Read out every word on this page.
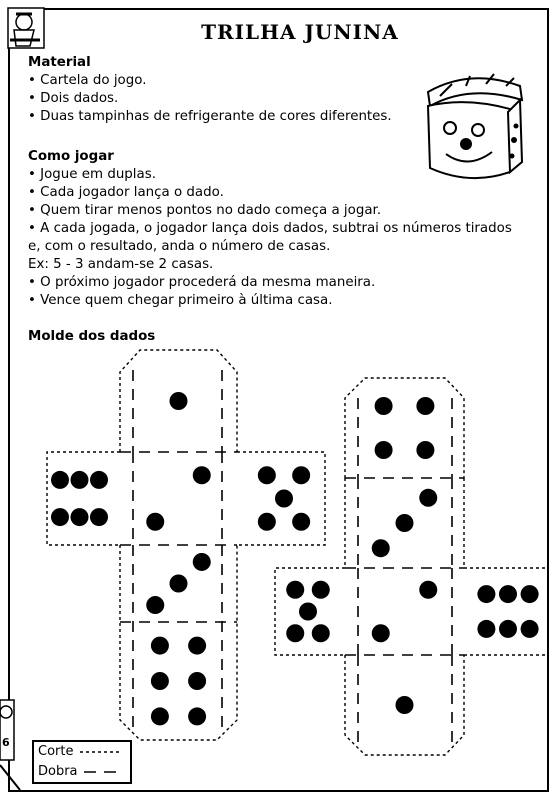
TRILHA JUNINA
Material
• Cartela do jogo.
• Dois dados.
• Duas tampinhas de refrigerante de cores diferentes.
Como jogar
• Jogue em duplas.
• Cada jogador lança o dado.
• Quem tirar menos pontos no dado começa a jogar.
• A cada jogada, o jogador lança dois dados, subtrai os números tirados
e, com o resultado, anda o número de casas.
Ex: 5 - 3 andam-se 2 casas.
• O próximo jogador procederá da mesma maneira.
• Vence quem chegar primeiro à última casa.
Molde dos dados
6
Corte
Dobra
